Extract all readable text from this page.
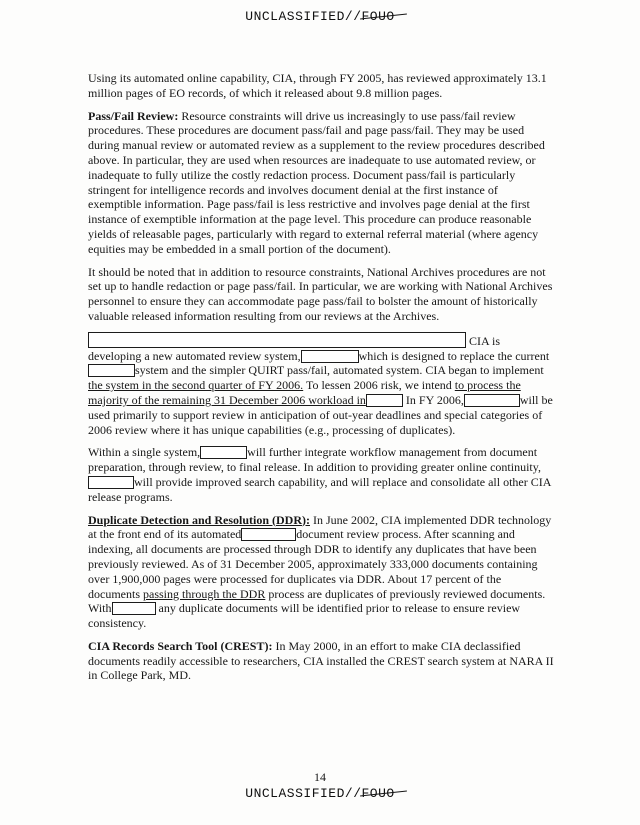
UNCLASSIFIED//FOUO

Using its automated online capability, CIA, through FY 2005, has reviewed approximately 13.1 million pages of EO records, of which it released about 9.8 million pages.

Pass/Fail Review: Resource constraints will drive us increasingly to use pass/fail review procedures. These procedures are document pass/fail and page pass/fail. They may be used during manual review or automated review as a supplement to the review procedures described above. In particular, they are used when resources are inadequate to use automated review, or inadequate to fully utilize the costly redaction process. Document pass/fail is particularly stringent for intelligence records and involves document denial at the first instance of exemptible information. Page pass/fail is less restrictive and involves page denial at the first instance of exemptible information at the page level. This procedure can produce reasonable yields of releasable pages, particularly with regard to external referral material (where agency equities may be embedded in a small portion of the document).

It should be noted that in addition to resource constraints, National Archives procedures are not set up to handle redaction or page pass/fail. In particular, we are working with National Archives personnel to ensure they can accommodate page pass/fail to bolster the amount of historically valuable released information resulting from our reviews at the Archives.

CIA is developing a new automated review system,	which is designed to replace the currentsystem and the simpler QUIRT pass/fail, automated system. CIA began to implement the system in the second quarter of FY 2006. To lessen 2006 risk, we intend to process the majority of the remaining 31 December 2006 workload in	In FY 2006,	will be used primarily to support review in anticipation of out-year deadlines and special categories of 2006 review where it has unique capabilities (e.g., processing of duplicates).

Within a single system,	will further integrate workflow management from document preparation, through review, to final release. In addition to providing greater online continuity,will provide improved search capability, and will replace and consolidate all other CIA release programs.

Duplicate Detection and Resolution (DDR): In June 2002, CIA implemented DDR technology at the front end of its automated	document review process. After scanning and indexing, all documents are processed through DDR to identify any duplicates that have been previously reviewed. As of 31 December 2005, approximately 333,000 documents containing over 1,900,000 pages were processed for duplicates via DDR. About 17 percent of the documents passing through the DDR process are duplicates of previously reviewed documents. With	any duplicate documents will be identified prior to release to ensure review consistency.

CIA Records Search Tool (CREST): In May 2000, in an effort to make CIA declassified documents readily accessible to researchers, CIA installed the CREST search system at NARA II in College Park, MD.

14
UNCLASSIFIED//FOUO
